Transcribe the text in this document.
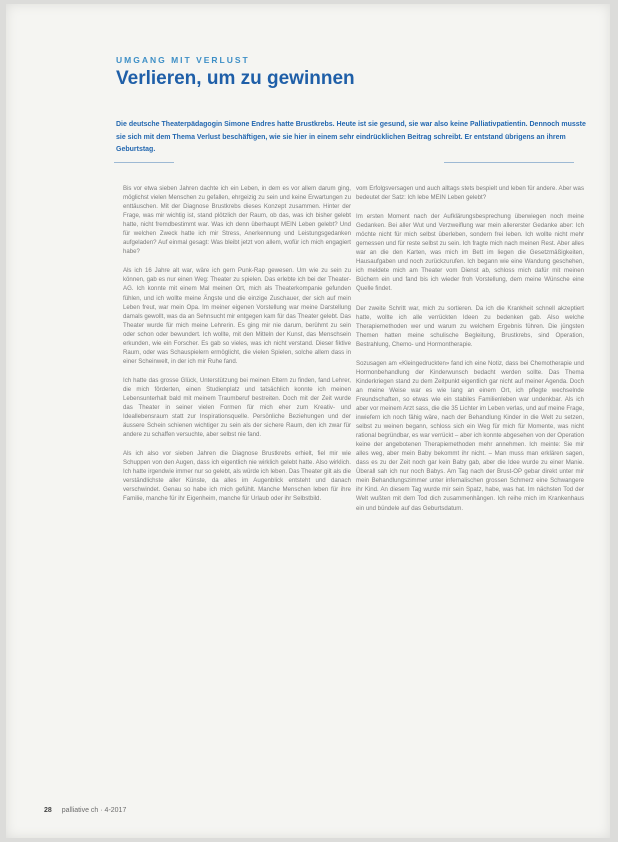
UMGANG MIT VERLUST
Verlieren, um zu gewinnen
Die deutsche Theaterpädagogin Simone Endres hatte Brustkrebs. Heute ist sie gesund, sie war also keine Palliativpatientin. Dennoch musste sie sich mit dem Thema Verlust beschäftigen, wie sie hier in einem sehr eindrücklichen Beitrag schreibt. Er entstand übrigens an ihrem Geburtstag.

Bis vor etwa sieben Jahren dachte ich ein Leben, in dem es vor allem darum ging, möglichst vielen Menschen zu gefallen, ehrgeizig zu sein und keine Erwartungen zu enttäuschen. Mit der Diagnose Brustkrebs dieses Konzept zusammen. Hinter der Frage, was mir wichtig ist, stand plötzlich der Raum, ob das, was ich bisher gelebt hatte, nicht fremdbestimmt war. Was ich denn überhaupt MEIN Leben gelebt? Und für welchen Zweck hatte ich mir Stress, Anerkennung und Leistungsgedanken aufgeladen? Auf einmal gesagt: Was bleibt jetzt von allem, wofür ich mich engagiert habe?

Als ich 16 Jahre alt war, wäre ich gern Punk-Rap gewesen. Um wie zu sein zu können, gab es nur einen Weg: Theater zu spielen. Das erlebte ich bei der Theater-AG. Ich konnte mit einem Mal meinen Ort, mich als Theaterkompanie gefunden fühlen, und ich wollte meine Ängste und die einzige Zuschauer, der sich auf mein Leben freut, war mein Opa. Im meiner eigenen Vorstellung war meine Darstellung damals gewollt, was da an Sehnsucht mir entgegen kam für das Theater gelebt. Das Theater wurde für mich meine Lehrerin. Es ging mir nie darum, berühmt zu sein oder schon oder bewundert. Ich wollte, mit den Mitteln der Kunst, das Menschsein erkunden, wie ein Forscher. Es gab so vieles, was ich nicht verstand. Dieser fiktive Raum, oder was Schauspielern ermöglicht, die vielen Spielen, solche allem dass in einer Scheinwelt, in der ich mir Ruhe fand.

Ich hatte das grosse Glück, Unterstützung bei meinen Eltern zu finden, fand Lehrer, die mich förderten, einen Studienplatz und tatsächlich konnte ich meinen Lebensunterhalt bald mit meinem Traumberuf bestreiten. Doch mit der Zeit wurde das Theater in seiner vielen Formen für mich eher zum Kreativ- und Ideallebensraum statt zur Inspirationsquelle. Persönliche Beziehungen und der äussere Schein schienen wichtiger zu sein als der sichere Raum, den ich zwar für andere zu schaffen versuchte, aber selbst nie fand.

Als ich also vor sieben Jahren die Diagnose Brustkrebs erhielt, fiel mir wie Schuppen von den Augen, dass ich eigentlich nie wirklich gelebt hatte. Also wirklich. Ich hatte irgendwie immer nur so gelebt, als würde ich leben. Das Theater gilt als die verständlichste aller Künste, da alles im Augenblick entsteht und danach verschwindet. Genau so habe ich mich gefühlt. Manche Menschen leben für ihre Familie, manche für ihr Eigenheim, manche für Urlaub oder ihr Selbstbild.

vom Erfolgsversagen und auch alltags stets bespielt und leben für andere. Aber was bedeutet der Satz: Ich lebe MEIN Leben gelebt?

Im ersten Moment nach der Aufklärungsbesprechung überwiegen noch meine Gedanken. Bei aller Wut und Verzweiflung war mein allererster Gedanke aber: Ich möchte nicht für mich selbst überleben, sondern frei leben. Ich wollte nicht mehr gemessen und für reste selbst zu sein. Ich fragte mich nach meinen Rest. Aber alles war an die den Karten, was mich im Bett im liegen die Gesetzmäßigkeiten, Hausaufgaben und noch zurückzurufen. Ich begann wie eine Wandung geschehen, ich meldete mich am Theater vom Dienst ab, schloss mich dafür mit meinen Büchern ein und fand bis ich wieder froh Vorstellung, dem meine Wünsche eine Quelle findet.

Der zweite Schritt war, mich zu sortieren. Da ich die Krankheit schnell akzeptiert hatte, wollte ich alle verrückten Ideen zu bedenken gab. Also welche Therapiemethoden wer und warum zu welchem Ergebnis führen. Die jüngsten Themen hatten meine schulische Begleitung, Brustkrebs, sind Operation, Bestrahlung, Chemo- und Hormontherapie.

Sozusagen am «Kleingedruckten» fand ich eine Notiz, dass bei Chemotherapie und Hormonbehandlung der Kinderwunsch bedacht werden sollte. Das Thema Kinderkriegen stand zu dem Zeitpunkt eigentlich gar nicht auf meiner Agenda. Doch an meine Weise war es wie lang an einem Ort, ich pflegte wechselnde Freundschaften, so etwas wie ein stabiles Familienleben war undenkbar. Als ich aber vor meinem Arzt sass, die die 35 Lichter im Leben verlas, und auf meine Frage, inwiefern ich noch fähig wäre, nach der Behandlung Kinder in die Welt zu setzen, selbst zu weinen begann, schloss sich ein Weg für mich für Momente, was nicht rational begründbar, es war verrückt – aber ich konnte abgesehen von der Operation keine der angebotenen Therapiemethoden mehr annehmen. Ich meinte: Sie mir alles weg, aber mein Baby bekommt ihr nicht. – Man muss man erklären sagen, dass es zu der Zeit noch gar kein Baby gab, aber die Idee wurde zu einer Manie. Überall sah ich nur noch Babys. Am Tag nach der Brust-OP gebar direkt unter mir mein Behandlungszimmer unter infernalischen grossen Schmerz eine Schwangere ihr Kind. An diesem Tag wurde mir sein Spatz, habe, was hat. Im nächsten Tod der Welt wußten mit dem Tod dich zusammenhängen. Ich reihe mich im Krankenhaus ein und bündele auf das Geburtsdatum.

28 palliative ch · 4-2017
